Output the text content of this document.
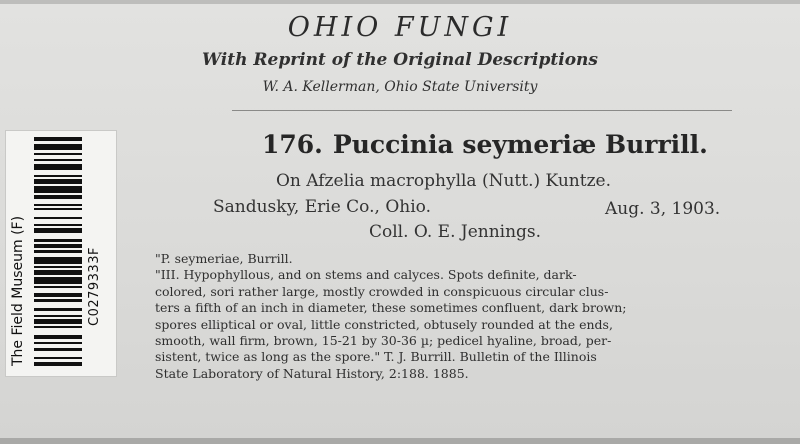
OHIO FUNGI
With Reprint of the Original Descriptions
W. A. Kellerman, Ohio State University
The Field Museum (F)	C0279333F
176. Puccinia seymeriæ Burrill.
On Afzelia macrophylla (Nutt.) Kuntze.
Sandusky, Erie Co., Ohio.	Aug. 3, 1903.
Coll. O. E. Jennings.
"P. seymeriae, Burrill.
"III. Hypophyllous, and on stems and calyces. Spots definite, dark-
colored, sori rather large, mostly crowded in conspicuous circular clus-
ters a fifth of an inch in diameter, these sometimes confluent, dark brown;
spores elliptical or oval, little constricted, obtusely rounded at the ends,
smooth, wall firm, brown, 15-21 by 30-36 µ; pedicel hyaline, broad, per-
sistent, twice as long as the spore." T. J. Burrill. Bulletin of the Illinois
State Laboratory of Natural History, 2:188. 1885.
